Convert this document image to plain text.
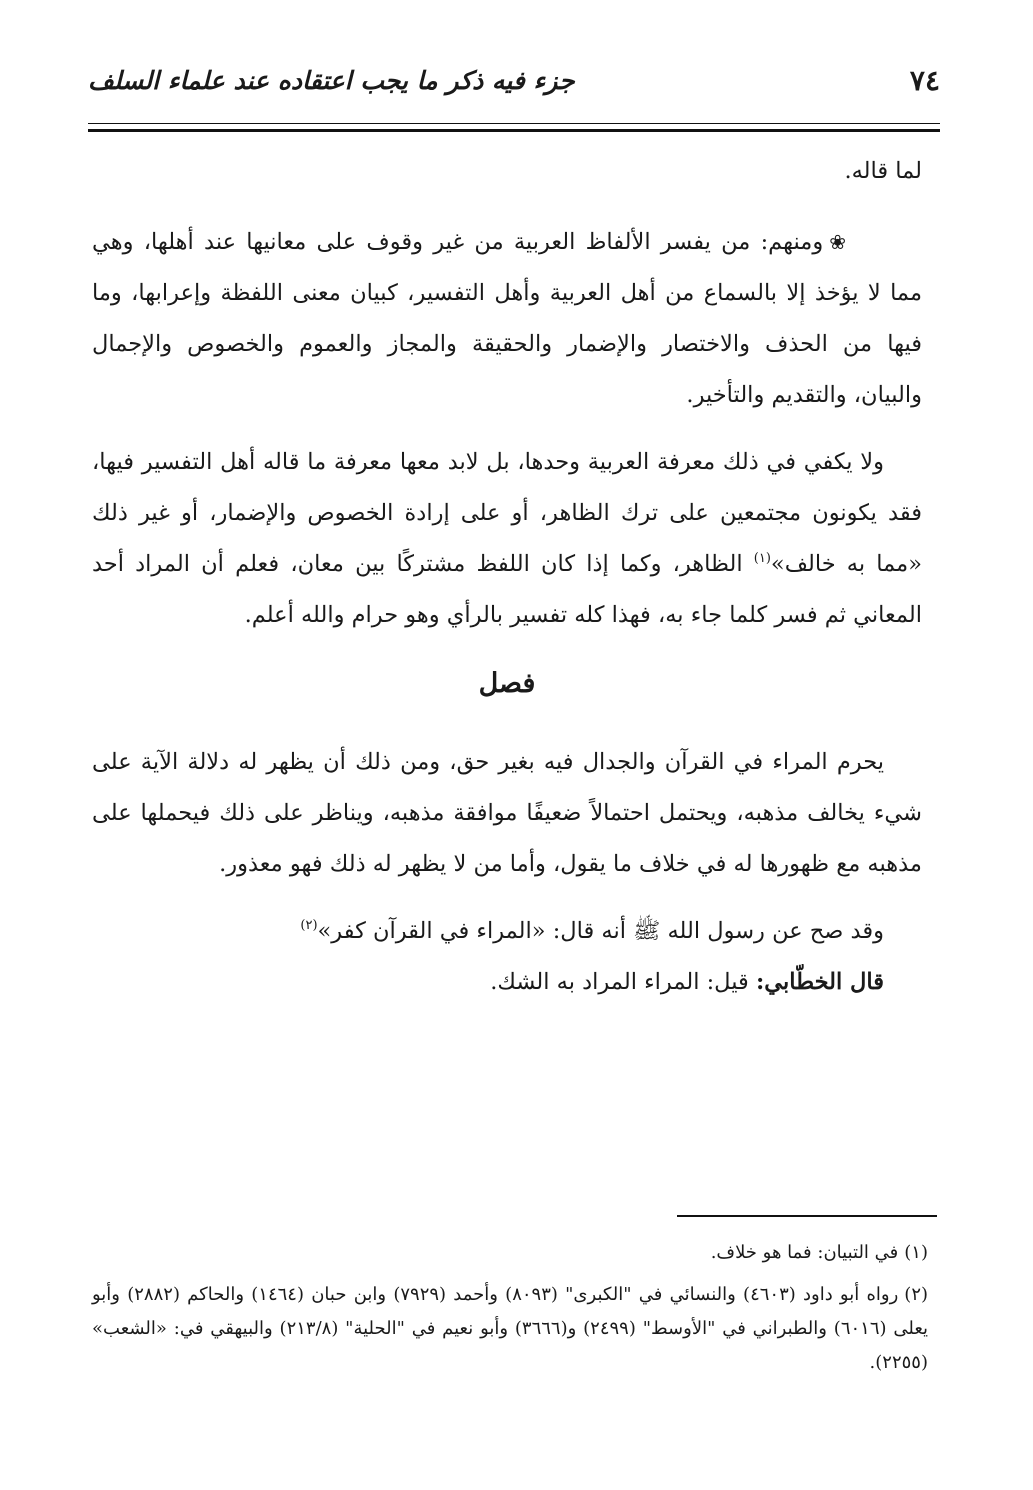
٧٤
جزء فيه ذكر ما يجب اعتقاده عند علماء السلف

لما قاله.

❀ومنهم: من يفسر الألفاظ العربية من غير وقوف على معانيها عند أهلها، وهي مما لا يؤخذ إلا بالسماع من أهل العربية وأهل التفسير، كبيان معنى اللفظة وإعرابها، وما فيها من الحذف والاختصار والإضمار والحقيقة والمجاز والعموم والخصوص والإجمال والبيان، والتقديم والتأخير.

ولا يكفي في ذلك معرفة العربية وحدها، بل لابد معها معرفة ما قاله أهل التفسير فيها، فقد يكونون مجتمعين على ترك الظاهر، أو على إرادة الخصوص والإضمار، أو غير ذلك «مما به خالف»$^{(١)}$ الظاهر، وكما إذا كان اللفظ مشتركًا بين معان، فعلم أن المراد أحد المعاني ثم فسر كلما جاء به، فهذا كله تفسير بالرأي وهو حرام والله أعلم.

فصل

يحرم المراء في القرآن والجدال فيه بغير حق، ومن ذلك أن يظهر له دلالة الآية على شيء يخالف مذهبه، ويحتمل احتمالاً ضعيفًا موافقة مذهبه، ويناظر على ذلك فيحملها على مذهبه مع ظهورها له في خلاف ما يقول، وأما من لا يظهر له ذلك فهو معذور.

وقد صح عن رسول الله ﷺ أنه قال: «المراء في القرآن كفر»$^{(٢)}$

قال الخطّابي: قيل: المراء المراد به الشك.

(١)في التبيان: فما هو خلاف.

(٢)رواه أبو داود (٤٦٠٣) والنسائي في "الكبرى" (٨٠٩٣) وأحمد (٧٩٢٩) وابن حبان (١٤٦٤) والحاكم (٢٨٨٢) وأبو يعلى (٦٠١٦) والطبراني في "الأوسط" (٢٤٩٩) و(٣٦٦٦) وأبو نعيم في "الحلية" (٢١٣/٨) والبيهقي في: «الشعب» (٢٢٥٥).
